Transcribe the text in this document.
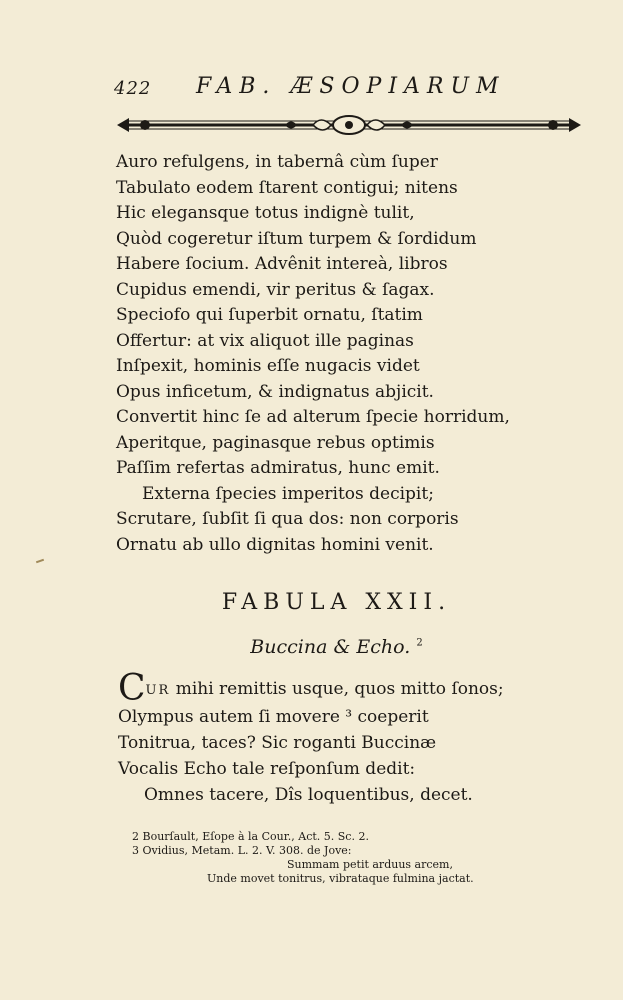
422 FAB. ÆSOPIARUM
Auro refulgens, in tabernâ cùm ſuper
Tabulato eodem ſtarent contigui; nitens
Hic elegansque totus indignè tulit,
Quòd cogeretur iſtum turpem & ſordidum
Habere ſocium. Advênit intereà, libros
Cupidus emendi, vir peritus & ſagax.
Speciofo qui ſuperbit ornatu, ſtatim
Offertur: at vix aliquot ille paginas
Inſpexit, hominis eſſe nugacis videt
Opus inficetum, & indignatus abjicit.
Convertit hinc ſe ad alterum ſpecie horridum,
Aperitque, paginasque rebus optimis
Paſſim refertas admiratus, hunc emit.
Externa ſpecies imperitos decipit;
Scrutare, ſubſit ſi qua dos: non corporis
Ornatu ab ullo dignitas homini venit.
FABULA XXII.
Buccina & Echo. $^2$
CUR mihi remittis usque, quos mitto ſonos;
Olympus autem ſi movere ³ coeperit
Tonitrua, taces? Sic roganti Buccinæ
Vocalis Echo tale reſponſum dedit:
Omnes tacere, Dîs loquentibus, decet.
2 Bourſault, Eſope à la Cour., Act. 5. Sc. 2.
3 Ovidius, Metam. L. 2. V. 308. de Jove:
Summam petit arduus arcem,
Unde movet tonitrus, vibrataque fulmina jactat.
